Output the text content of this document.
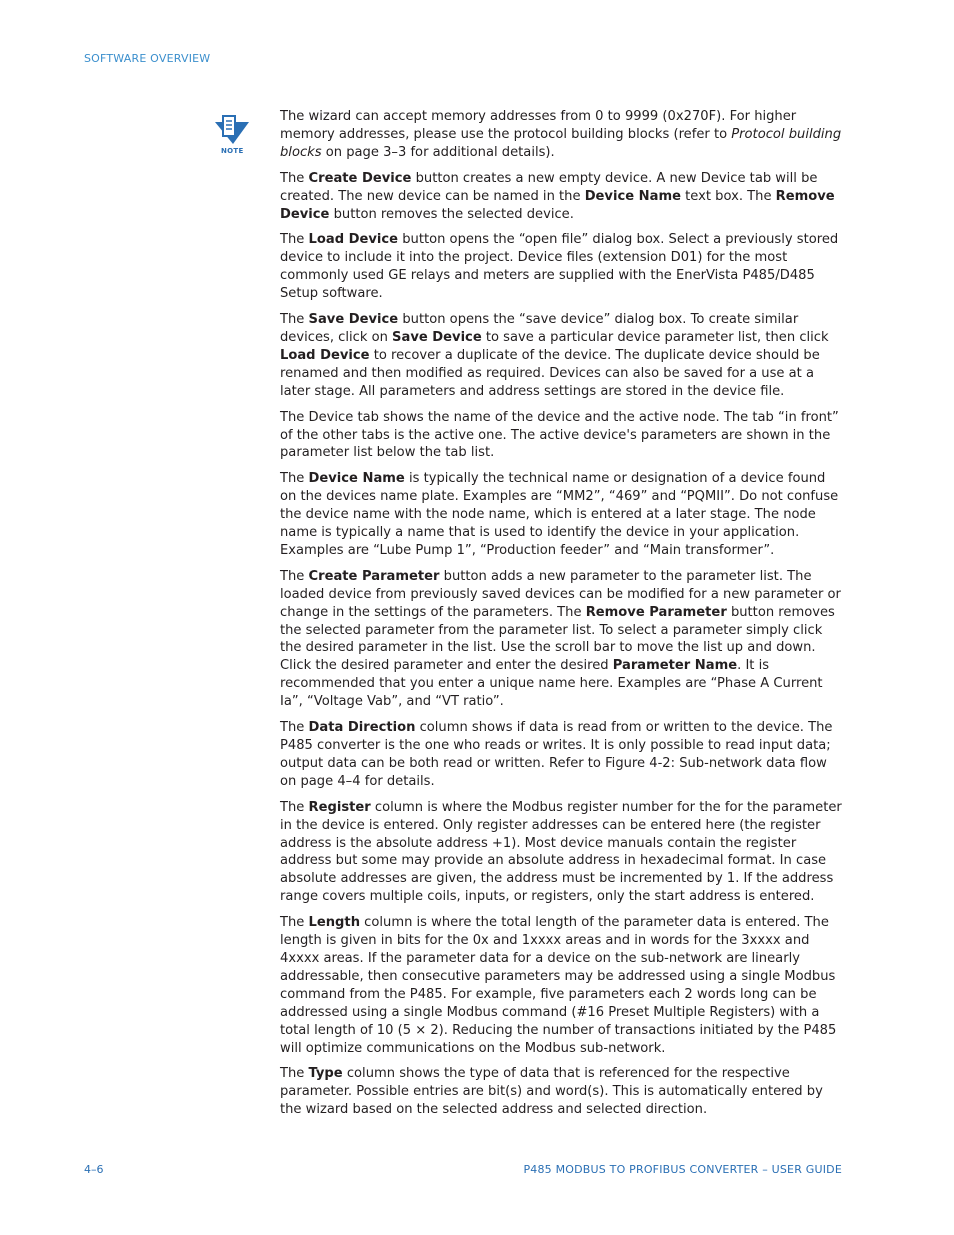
SOFTWARE OVERVIEW
NOTE

The wizard can accept memory addresses from 0 to 9999 (0x270F). For higher memory addresses, please use the protocol building blocks (refer to Protocol building blocks on page 3–3 for additional details).

The Create Device button creates a new empty device. A new Device tab will be created. The new device can be named in the Device Name text box. The Remove Device button removes the selected device.

The Load Device button opens the “open file” dialog box. Select a previously stored device to include it into the project. Device files (extension D01) for the most commonly used GE relays and meters are supplied with the EnerVista P485/D485 Setup software.

The Save Device button opens the “save device” dialog box. To create similar devices, click on Save Device to save a particular device parameter list, then click Load Device to recover a duplicate of the device. The duplicate device should be renamed and then modified as required. Devices can also be saved for a use at a later stage. All parameters and address settings are stored in the device file.

The Device tab shows the name of the device and the active node. The tab “in front” of the other tabs is the active one. The active device's parameters are shown in the parameter list below the tab list.

The Device Name is typically the technical name or designation of a device found on the devices name plate. Examples are “MM2”, “469” and “PQMII”. Do not confuse the device name with the node name, which is entered at a later stage. The node name is typically a name that is used to identify the device in your application. Examples are “Lube Pump 1”, “Production feeder” and “Main transformer”.

The Create Parameter button adds a new parameter to the parameter list. The loaded device from previously saved devices can be modified for a new parameter or change in the settings of the parameters. The Remove Parameter button removes the selected parameter from the parameter list. To select a parameter simply click the desired parameter in the list. Use the scroll bar to move the list up and down. Click the desired parameter and enter the desired Parameter Name. It is recommended that you enter a unique name here. Examples are “Phase A Current Ia”, “Voltage Vab”, and “VT ratio”.

The Data Direction column shows if data is read from or written to the device. The P485 converter is the one who reads or writes. It is only possible to read input data; output data can be both read or written. Refer to Figure 4-2: Sub-network data flow on page 4–4 for details.

The Register column is where the Modbus register number for the for the parameter in the device is entered. Only register addresses can be entered here (the register address is the absolute address +1). Most device manuals contain the register address but some may provide an absolute address in hexadecimal format. In case absolute addresses are given, the address must be incremented by 1. If the address range covers multiple coils, inputs, or registers, only the start address is entered.

The Length column is where the total length of the parameter data is entered. The length is given in bits for the 0x and 1xxxx areas and in words for the 3xxxx and 4xxxx areas. If the parameter data for a device on the sub-network are linearly addressable, then consecutive parameters may be addressed using a single Modbus command from the P485. For example, five parameters each 2 words long can be addressed using a single Modbus command (#16 Preset Multiple Registers) with a total length of 10 (5 × 2). Reducing the number of transactions initiated by the P485 will optimize communications on the Modbus sub-network.

The Type column shows the type of data that is referenced for the respective parameter. Possible entries are bit(s) and word(s). This is automatically entered by the wizard based on the selected address and selected direction.

4–6	P485 MODBUS TO PROFIBUS CONVERTER – USER GUIDE
